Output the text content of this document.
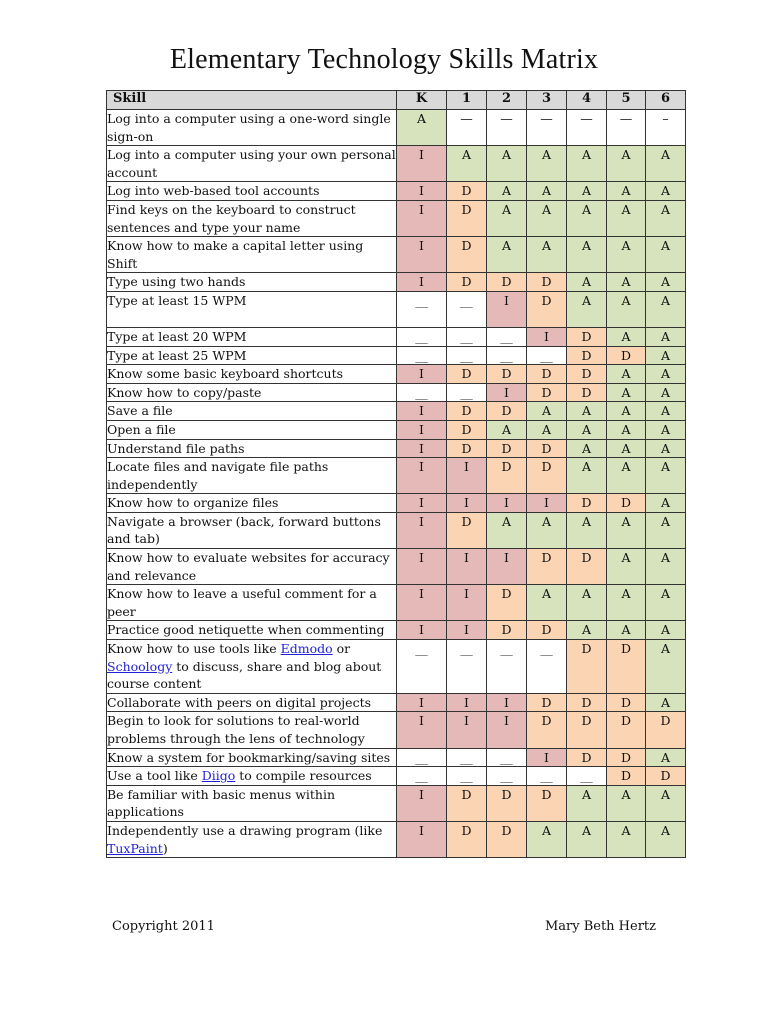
Elementary Technology Skills Matrix
Skill	K	1	2	3	4	5	6
Log into a computer using a one-word single sign-on	A	—	—	—	—	—	–
Log into a computer using your own personal account	I	A	A	A	A	A	A
Log into web-based tool accounts	I	D	A	A	A	A	A
Find keys on the keyboard to construct sentences and type your name	I	D	A	A	A	A	A
Know how to make a capital letter using Shift	I	D	A	A	A	A	A
Type using two hands	I	D	D	D	A	A	A
Type at least 15 WPM	__	__	I	D	A	A	A
Type at least 20 WPM	__	__	__	I	D	A	A
Type at least 25 WPM	__	__	__	__	D	D	A
Know some basic keyboard shortcuts	I	D	D	D	D	A	A
Know how to copy/paste	__	__	I	D	D	A	A
Save a file	I	D	D	A	A	A	A
Open a file	I	D	A	A	A	A	A
Understand file paths	I	D	D	D	A	A	A
Locate files and navigate file paths independently	I	I	D	D	A	A	A
Know how to organize files	I	I	I	I	D	D	A
Navigate a browser (back, forward buttons and tab)	I	D	A	A	A	A	A
Know how to evaluate websites for accuracy and relevance	I	I	I	D	D	A	A
Know how to leave a useful comment for a peer	I	I	D	A	A	A	A
Practice good netiquette when commenting	I	I	D	D	A	A	A
Know how to use tools like Edmodo or Schoology to discuss, share and blog about course content	__	__	__	__	D	D	A
Collaborate with peers on digital projects	I	I	I	D	D	D	A
Begin to look for solutions to real-world problems through the lens of technology	I	I	I	D	D	D	D
Know a system for bookmarking/saving sites	__	__	__	I	D	D	A
Use a tool like Diigo to compile resources	__	__	__	__	__	D	D
Be familiar with basic menus within applications	I	D	D	D	A	A	A
Independently use a drawing program (like TuxPaint)	I	D	D	A	A	A	A
Copyright 2011	Mary Beth Hertz
